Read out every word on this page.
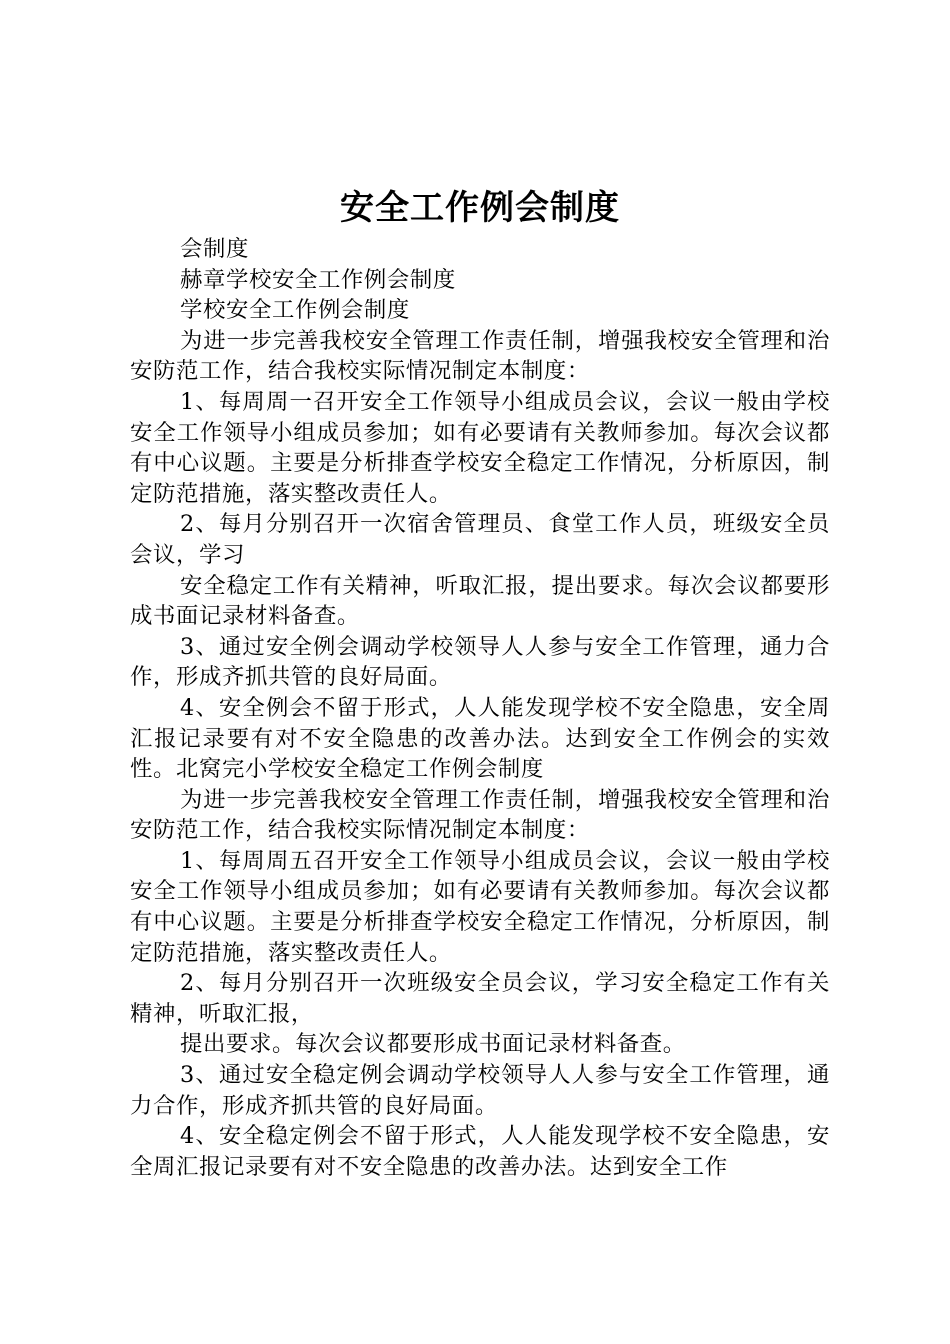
安全工作例会制度

会制度

赫章学校安全工作例会制度

学校安全工作例会制度

为进一步完善我校安全管理工作责任制，增强我校安全管理和治安防范工作，结合我校实际情况制定本制度：

1、每周周一召开安全工作领导小组成员会议，会议一般由学校安全工作领导小组成员参加；如有必要请有关教师参加。每次会议都有中心议题。主要是分析排查学校安全稳定工作情况，分析原因，制定防范措施，落实整改责任人。

2、每月分别召开一次宿舍管理员、食堂工作人员，班级安全员会议，学习

安全稳定工作有关精神，听取汇报，提出要求。每次会议都要形成书面记录材料备查。

3、通过安全例会调动学校领导人人参与安全工作管理，通力合作，形成齐抓共管的良好局面。

4、安全例会不留于形式，人人能发现学校不安全隐患，安全周汇报记录要有对不安全隐患的改善办法。达到安全工作例会的实效性。北窝完小学校安全稳定工作例会制度

为进一步完善我校安全管理工作责任制，增强我校安全管理和治安防范工作，结合我校实际情况制定本制度：

1、每周周五召开安全工作领导小组成员会议，会议一般由学校安全工作领导小组成员参加；如有必要请有关教师参加。每次会议都有中心议题。主要是分析排查学校安全稳定工作情况，分析原因，制定防范措施，落实整改责任人。

2、每月分别召开一次班级安全员会议，学习安全稳定工作有关精神，听取汇报，

提出要求。每次会议都要形成书面记录材料备查。

3、通过安全稳定例会调动学校领导人人参与安全工作管理，通力合作，形成齐抓共管的良好局面。

4、安全稳定例会不留于形式，人人能发现学校不安全隐患，安全周汇报记录要有对不安全隐患的改善办法。达到安全工作
